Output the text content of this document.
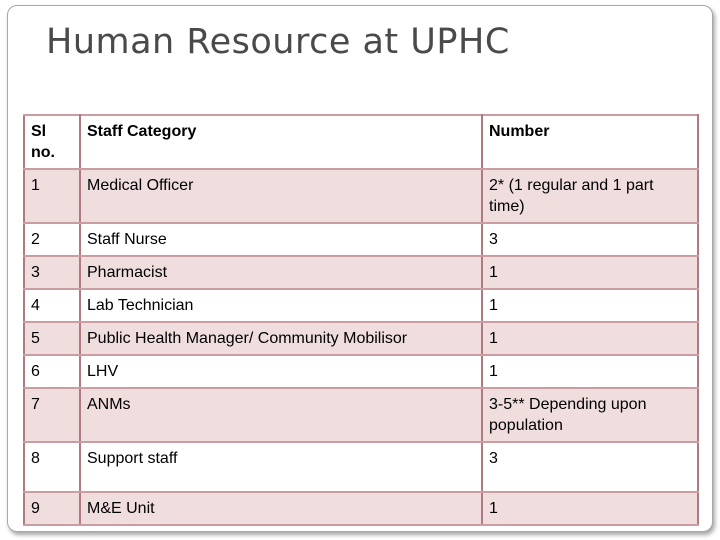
Human Resource at UPHC
Sl no.	Staff Category	Number
1	Medical Officer	2* (1 regular and 1 part time)
2	Staff Nurse	3
3	Pharmacist	1
4	Lab Technician	1
5	Public Health Manager/ Community Mobilisor	1
6	LHV	1
7	ANMs	3-5** Depending upon population
8	Support staff	3
9	M&E Unit	1
